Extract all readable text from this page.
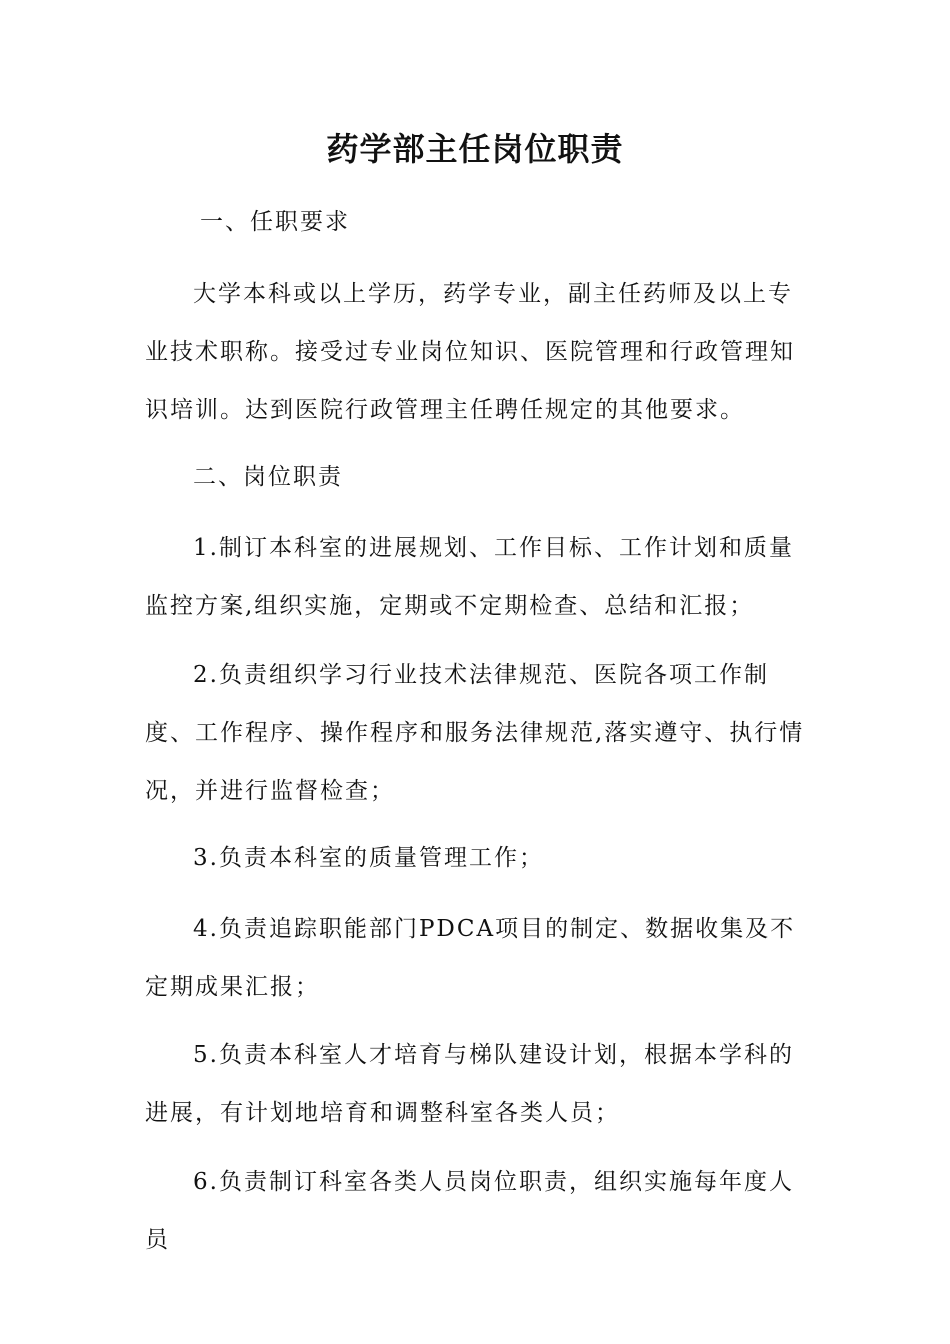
药学部主任岗位职责
一、任职要求

大学本科或以上学历，药学专业，副主任药师及以上专业技术职称。接受过专业岗位知识、医院管理和行政管理知识培训。达到医院行政管理主任聘任规定的其他要求。

二、岗位职责

1.制订本科室的进展规划、工作目标、工作计划和质量监控方案,组织实施，定期或不定期检查、总结和汇报；

2.负责组织学习行业技术法律规范、医院各项工作制度、工作程序、操作程序和服务法律规范,落实遵守、执行情况，并进行监督检查；

3.负责本科室的质量管理工作；

4.负责追踪职能部门PDCA项目的制定、数据收集及不定期成果汇报；

5.负责本科室人才培育与梯队建设计划，根据本学科的进展，有计划地培育和调整科室各类人员；

6.负责制订科室各类人员岗位职责，组织实施每年度人员
